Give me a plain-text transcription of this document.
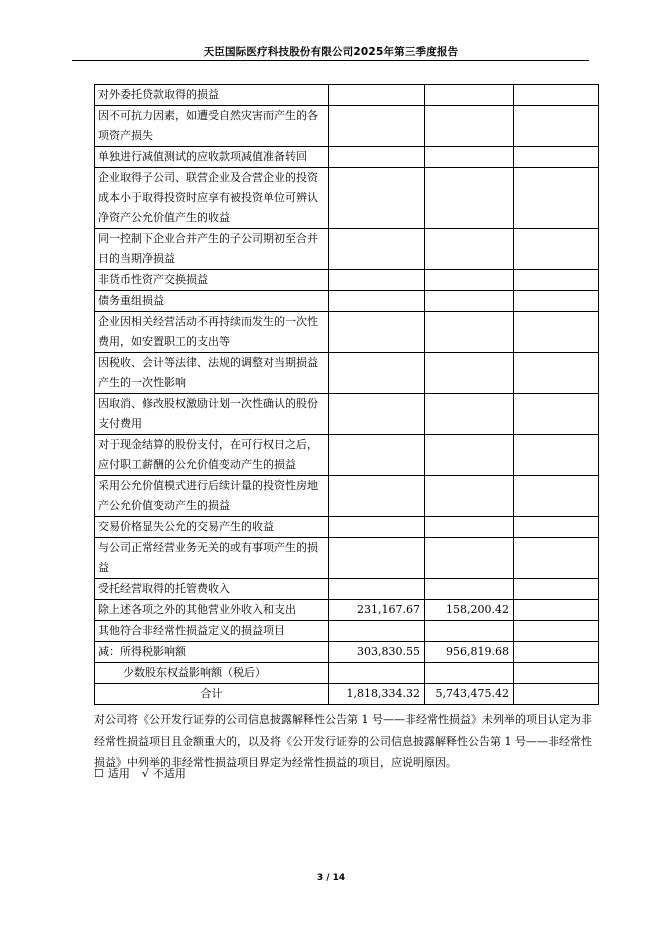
天臣国际医疗科技股份有限公司2025年第三季度报告
对外委托贷款取得的损益			
因不可抗力因素，如遭受自然灾害而产生的各项资产损失			
单独进行减值测试的应收款项减值准备转回			
企业取得子公司、联营企业及合营企业的投资成本小于取得投资时应享有被投资单位可辨认净资产公允价值产生的收益			
同一控制下企业合并产生的子公司期初至合并日的当期净损益			
非货币性资产交换损益			
债务重组损益			
企业因相关经营活动不再持续而发生的一次性费用，如安置职工的支出等			
因税收、会计等法律、法规的调整对当期损益产生的一次性影响			
因取消、修改股权激励计划一次性确认的股份支付费用			
对于现金结算的股份支付，在可行权日之后，应付职工薪酬的公允价值变动产生的损益			
采用公允价值模式进行后续计量的投资性房地产公允价值变动产生的损益			
交易价格显失公允的交易产生的收益			
与公司正常经营业务无关的或有事项产生的损益			
受托经营取得的托管费收入			
除上述各项之外的其他营业外收入和支出	231,167.67	158,200.42	
其他符合非经常性损益定义的损益项目			
减：所得税影响额	303,830.55	956,819.68	
少数股东权益影响额（税后）			
合计	1,818,334.32	5,743,475.42	
对公司将《公开发行证券的公司信息披露解释性公告第 1 号——非经常性损益》未列举的项目认定为非经常性损益项目且金额重大的，以及将《公开发行证券的公司信息披露解释性公告第 1 号——非经常性损益》中列举的非经常性损益项目界定为经常性损益的项目，应说明原因。
☐ 适用 √ 不适用
3 / 14
